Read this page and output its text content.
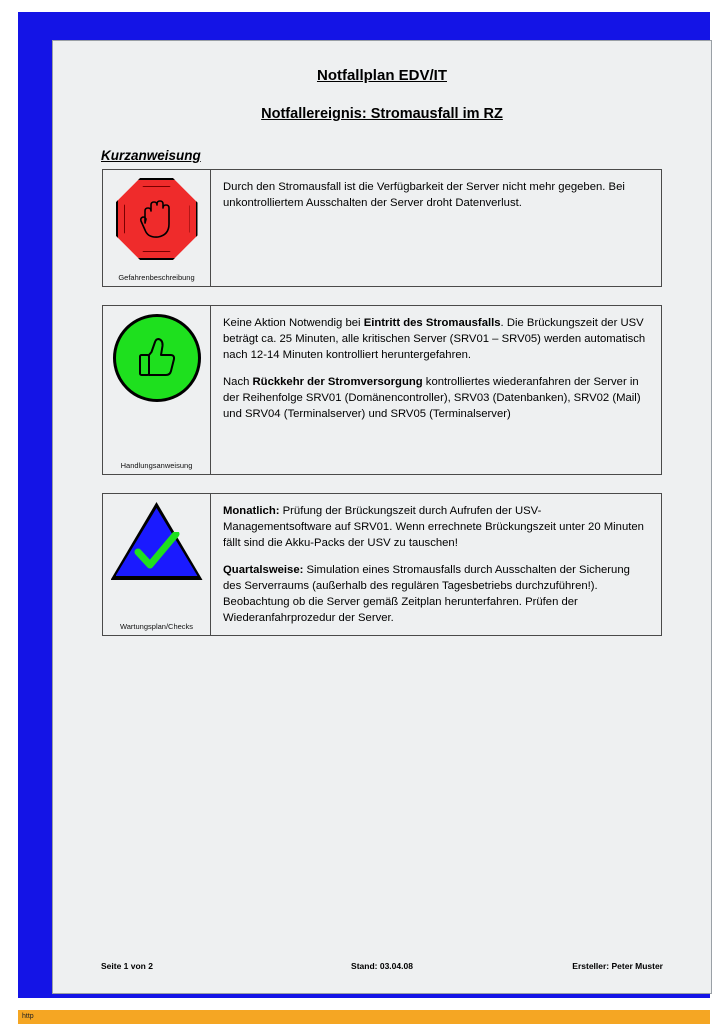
Notfallplan EDV/IT
Notfallereignis: Stromausfall im RZ
Kurzanweisung
Gefahrenbeschreibung

Durch den Stromausfall ist die Verfügbarkeit der Server nicht mehr gegeben. Bei unkontrolliertem Ausschalten der Server droht Datenverlust.

Handlungsanweisung

Keine Aktion Notwendig bei Eintritt des Stromausfalls. Die Brückungszeit der USV beträgt ca. 25 Minuten, alle kritischen Server (SRV01 – SRV05) werden automatisch nach 12-14 Minuten kontrolliert heruntergefahren.

Nach Rückkehr der Stromversorgung kontrolliertes wiederanfahren der Server in der Reihenfolge SRV01 (Domänencontroller), SRV03 (Datenbanken), SRV02 (Mail) und SRV04 (Terminalserver) und SRV05 (Terminalserver)

Wartungsplan/Checks

Monatlich: Prüfung der Brückungszeit durch Aufrufen der USV-Managementsoftware auf SRV01. Wenn errechnete Brückungszeit unter 20 Minuten fällt sind die Akku-Packs der USV zu tauschen!

Quartalsweise: Simulation eines Stromausfalls durch Ausschalten der Sicherung des Serverraums (außerhalb des regulären Tagesbetriebs durchzuführen!). Beobachtung ob die Server gemäß Zeitplan herunterfahren. Prüfen der Wiederanfahrprozedur der Server.

Seite 1 von 2	Stand: 03.04.08	Ersteller: Peter Muster
http
